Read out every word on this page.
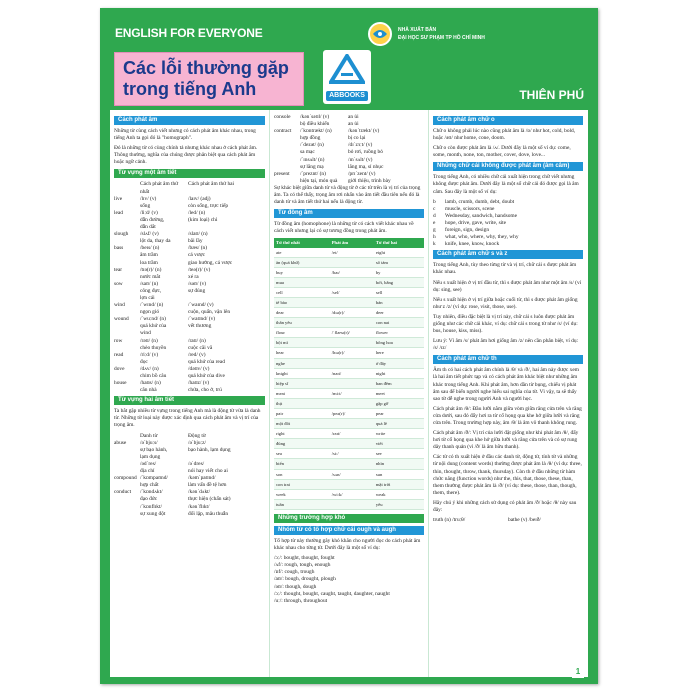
ENGLISH FOR EVERYONE	NHÀ XUẤT BẢN
ĐẠI HỌC SƯ PHẠM TP HỒ CHÍ MINH
Các lỗi thường gặp
trong tiếng Anh	ABBOOKS	THIÊN PHÚ
Cách phát âm
Những từ cùng cách viết nhưng có cách phát âm khác nhau, trong tiếng Anh ta gọi đó là "homograph".
Đó là những từ có cùng chính tả nhưng khác nhau ở cách phát âm. Thông thường, nghĩa của chúng được phân biệt qua cách phát âm hoặc ngữ cảnh.
Từ vựng một âm tiết
Cách phát âm thứ nhất
Cách phát âm thứ hai
live	/lɪv/ (v)	/laɪv/ (adj)
sống	còn sống, trực tiếp
lead	/liːd/ (v)	/led/ (n)
dẫn đường,	(kim loại) chì
dẫn dắt
slough	/slʌf/ (v)	/slaʊ/ (n)
lột da, thay da	bãi lầy
bass	/beɪs/ (n)	/bæs/ (n)
âm trầm	cá vược
loa trầm	giao hưởng, cá vược
tear	/tɪə(r)/ (n)	/teə(r)/ (v)
nước mắt	xé ra
sow	/saʊ/ (n)	/səʊ/ (v)
công đực,	sự đúng
lợn cái
wind	/ˈwɪnd/ (n)	/ˈwaɪnd/ (v)
ngọn gió	cuộn, quấn, vặn lên
wound	/ˈwuːnd/ (n)	/ˈwaʊnd/ (v)
quá khứ của	vết thương
wind
row	/rəʊ/ (n)	/raʊ/ (n)
chèo thuyền	cuộc cãi vã
read	/riːd/ (v)	/red/ (v)
đọc	quá khứ của read
dove	/dʌv/ (n)	/dəʊv/ (v)
chim bồ câu	quá khứ của dive
house	/haʊs/ (n)	/haʊz/ (v)
căn nhà	chứa, cho ở, trú
Từ vựng hai âm tiết
Ta bắt gặp nhiều từ vựng trong tiếng Anh mà là động từ vừa là danh từ. Những từ loại này được xác định qua cách phát âm và vị trí của trọng âm.
Danh từ	Động từ
abuse	/əˈbjuːs/	/əˈbjuːz/
sự bạo hành,	bạo hành, lạm dụng
lạm dụng
/ədˈres/	/əˈdres/
địa chỉ	nói hay viết cho ai
compound /ˈkɒmpaʊnd/	/kəmˈpaʊnd/
hợp chất	làm vấn đề tệ hơn
conduct	/ˈkɒndʌkt/	/kənˈdʌkt/
đạo đức	thực hiện (chấn sát)
/ˈkɒnflɪkt/	/kənˈflɪkt/
sự xung đột	đối lập, mâu thuẫn
console	/kənˈsəʊl/ (v)	an ủi
bộ điều khiển	an ủi
contract	/ˈkɒntrækt/ (n)	/kənˈtrækt/ (v)
hợp đồng	bị co lại
/ˈdezət/ (n)	/dɪˈzɜːt/ (v)
sa mạc	bỏ rơi, ruồng bỏ
/ˈɪnsʌlt/ (n)	/ɪnˈsʌlt/ (v)
sự lăng mạ	lăng mạ, sỉ nhục
present	/ˈpreznt/ (n)	/prɪˈzent/ (v)
hiện tại, món quà	giới thiệu, trình bày
Sự khác biệt giữa danh từ và động từ ở các từ trên là vị trí của trọng âm. Ta có thể thấy, trọng âm rơi nhấn vào âm tiết đầu tiên nếu đó là danh từ và âm tiết thứ hai nếu là động từ.
Từ đồng âm
Từ đồng âm (homophone) là những từ có cách viết khác nhau về cách viết nhưng lại có sự tương đồng trong phát âm.
Từ thứ nhất	Phát âm	Từ thứ hai
ate	/et/	eight
ăn (quá khứ)		số tám
buy	/baɪ/	by
mua		bởi, bằng
cell	/sel/	sell
tế bào		bán
dear	/dɪə(r)/	deer
thân yêu		con nai
flour	/ˈflaʊə(r)/	flower
bột mì		bông hoa
hear	/hɪə(r)/	here
nghe		ở đây
knight	/naɪt/	night
hiệp sĩ		ban đêm
meat	/miːt/	meet
thịt		gặp gỡ
pair	/peə(r)/	pear
một đôi		quả lê
right	/raɪt/	write
đúng		viết
sea	/siː/	see
biển		nhìn
son	/sʌn/	sun
con trai		mặt trời
week	/wiːk/	weak
tuần		yếu
Những trường hợp khó
Nhóm từ có tổ hợp chữ cái ough và augh
Tổ hợp từ này thường gây khó khăn cho người đọc do cách phát âm khác nhau cho từng từ. Dưới đây là một số ví dụ:
/ɔː/: bought, thought, fought
/ʌf/: rough, tough, enough
/ɒf/: cough, trough
/aʊ/: bough, drought, plough
/əʊ/: though, dough
/ɔː/: thought, bought, caught, taught, daughter, naught
/uː/: through, throughout
Cách phát âm chữ o
Chữ o không phải lúc nào cũng phát âm là /ɒ/ như hot, cold, bold, hoặc /əʊ/ như home, cone, doom.
Chữ o còn được phát âm là /ʌ/. Dưới đây là một số ví dụ: come, some, month, none, ton, mother, cover, dove, love...
Những chữ cái không được phát âm (âm câm)
Trong tiếng Anh, có nhiều chữ cái xuất hiện trong chữ viết nhưng không được phát âm. Dưới đây là một số chữ cái đó được gọi là âm câm. Sau đây là một số ví dụ:
b	lamb, crumb, dumb, debt, doubt
c	muscle, scissors, scene
d	Wednesday, sandwich, handsome
e	hope, drive, gave, write, site
g	foreign, sign, design
h	what, who, where, why, they, why
k	knife, knee, know, knock
Cách phát âm chữ s và z
Trong tiếng Anh, tùy theo từng từ và vị trí, chữ cái s được phát âm khác nhau.
Nếu s xuất hiện ở vị trí đầu từ, thì s được phát âm như một âm /s/ (ví dụ: sing, see)
Nếu s xuất hiện ở vị trí giữa hoặc cuối từ, thì s được phát âm giống như z /z/ (ví dụ: rose, visit, those, use).
Tuy nhiên, điều đặc biệt là vị trí này, chữ cái s luôn được phát âm giống như các chữ cái khác, ví dụ: chữ cái s trong từ như /s/ (ví dụ: bus, house, kiss, miss).
Lưu ý: Vì âm /s/ phát âm hơi giống âm /z/ nên cần phân biệt, ví dụ: /s/ /ɪz/
Cách phát âm chữ th
Âm th có hai cách phát âm chính là /θ/ và /ð/, hai âm này được xem là hai âm tiết phức tạp và có cách phát âm khác biệt như những âm khác trong tiếng Anh. Khi phát âm, hơn dần từ bụng, chiếu vị phát âm sau để biến người nghe hiểu sai nghĩa của từ. Vì vậy, ta sẽ thấy sao từ dễ nghe trong người Anh và người học.
Cách phát âm /θ/: Đầu lưỡi nằm giữa vòm giữa răng cửa trên và răng cửa dưới, sau đó đẩy hơi ra từ cổ họng qua khe hở giữa lưỡi và răng cửa trên. Trong trường hợp này, âm /θ/ là âm vô thanh không rung.
Cách phát âm /ð/: Vị trí của lưỡi đặt giống như khi phát âm /θ/, đẩy hơi từ cổ họng qua khe hở giữa lưỡi và răng cửa trên và có sự rung dây thanh quản (vì /ð/ là âm hữu thanh).
Các từ có th xuất hiện ở đầu các danh từ, động từ, tính từ và những từ nội dung (content words) thường được phát âm là /θ/ (ví dụ: three, thin, thought, throw, thank, thursday). Còn th ở đầu những từ hàm chức năng (function words) như the, this, that, those, these, than, them thường được phát âm là /ð/ (ví dụ: these, those, than, though, them, there).
Hãy chú ý khi những cách sử dụng có phát âm /ð/ hoặc /θ/ này sau đây:
truth (n) /truːθ/	bathe (v) /beɪð/
1
